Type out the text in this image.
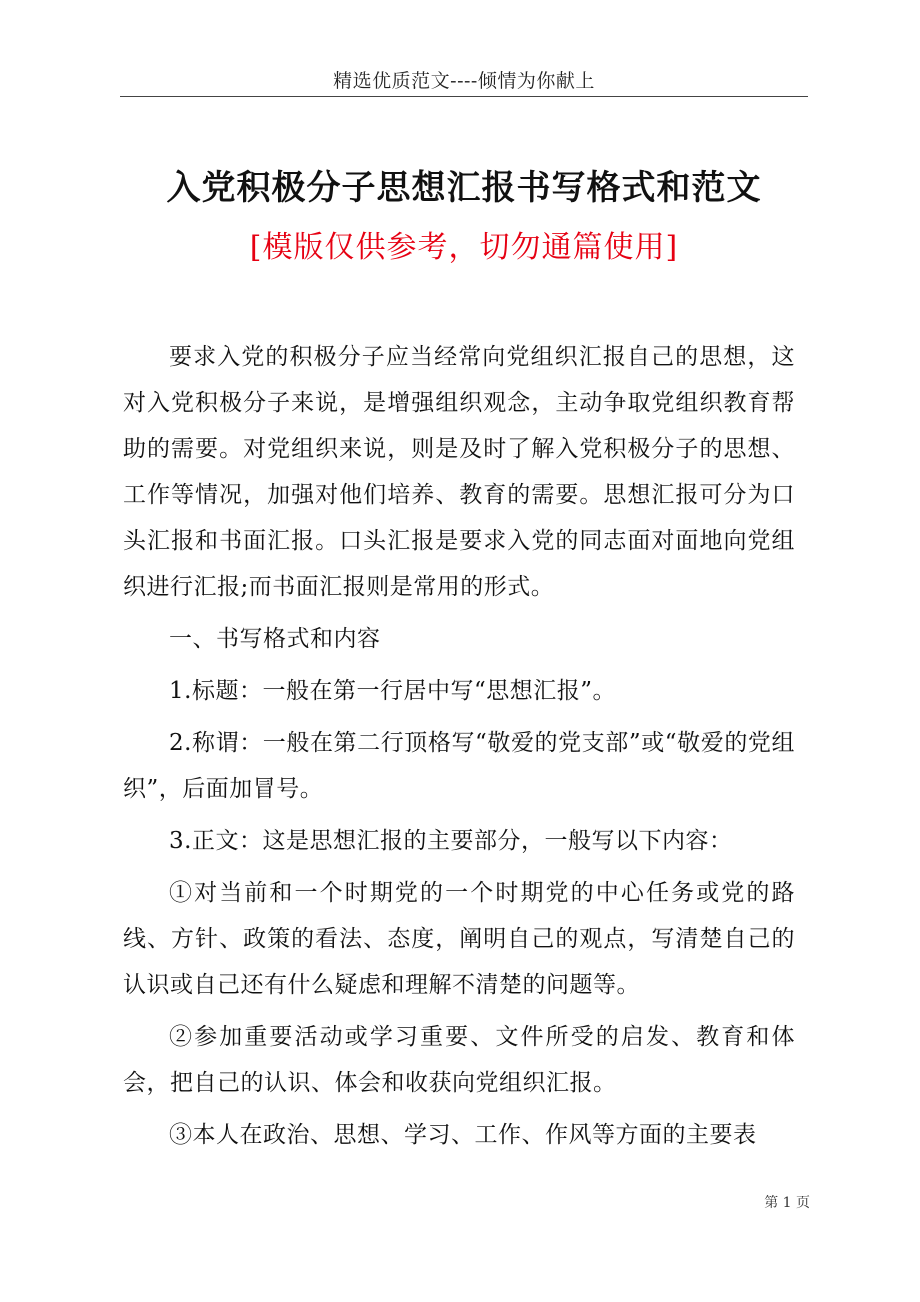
精选优质范文----倾情为你献上
入党积极分子思想汇报书写格式和范文
[模版仅供参考，切勿通篇使用]

要求入党的积极分子应当经常向党组织汇报自己的思想，这对入党积极分子来说，是增强组织观念，主动争取党组织教育帮助的需要。对党组织来说，则是及时了解入党积极分子的思想、工作等情况，加强对他们培养、教育的需要。思想汇报可分为口头汇报和书面汇报。口头汇报是要求入党的同志面对面地向党组织进行汇报;而书面汇报则是常用的形式。

一、书写格式和内容

1.标题：一般在第一行居中写“思想汇报”。

2.称谓：一般在第二行顶格写“敬爱的党支部”或“敬爱的党组织”，后面加冒号。

3.正文：这是思想汇报的主要部分，一般写以下内容：

①对当前和一个时期党的一个时期党的中心任务或党的路线、方针、政策的看法、态度，阐明自己的观点，写清楚自己的认识或自己还有什么疑虑和理解不清楚的问题等。

②参加重要活动或学习重要、文件所受的启发、教育和体会，把自己的认识、体会和收获向党组织汇报。

③本人在政治、思想、学习、工作、作风等方面的主要表

第 1 页
